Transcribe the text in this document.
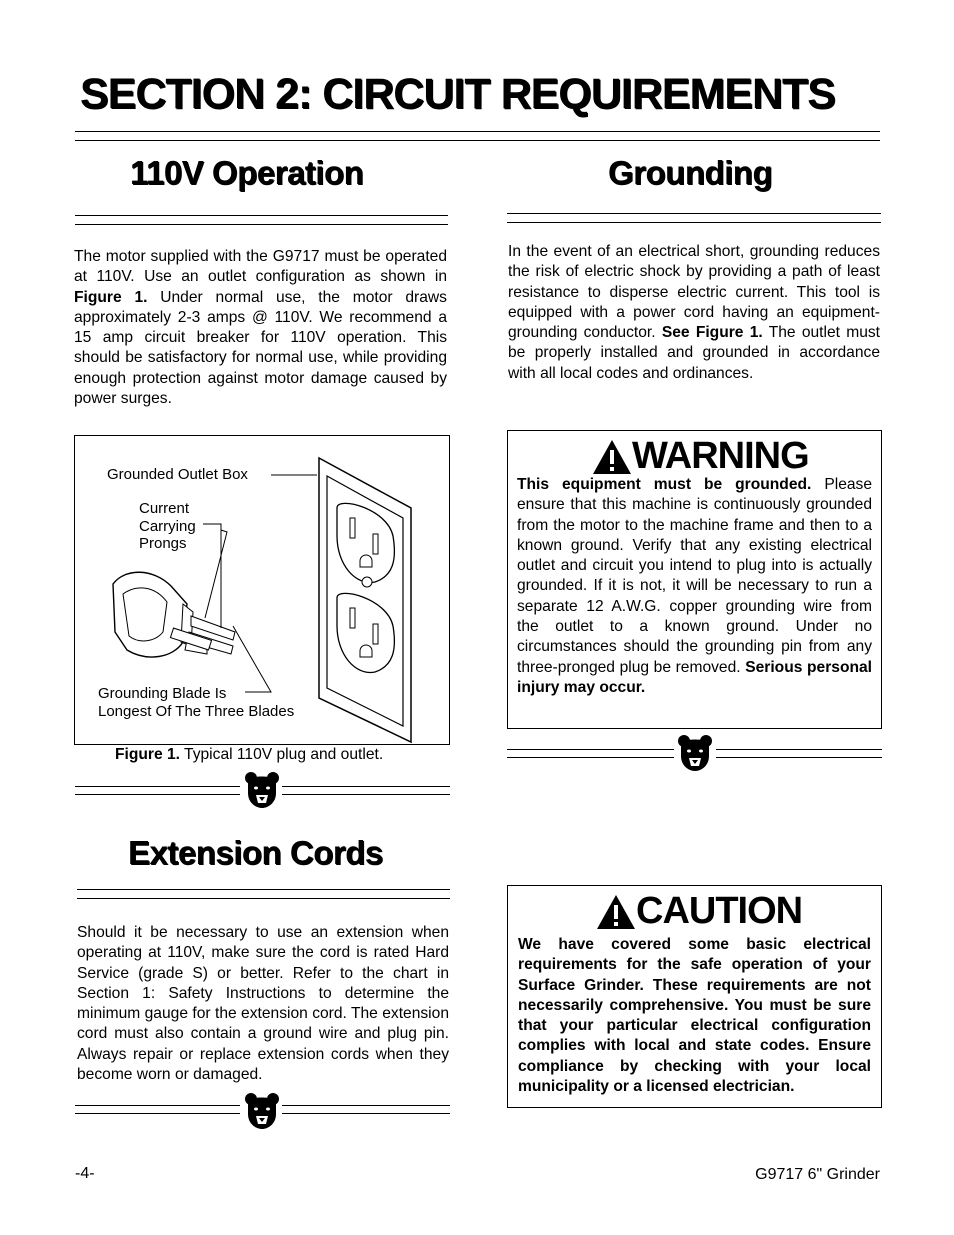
SECTION 2: CIRCUIT REQUIREMENTS
110V Operation
The motor supplied with the G9717 must be operated at 110V. Use an outlet configuration as shown in Figure 1. Under normal use, the motor draws approximately 2-3 amps @ 110V. We recommend a 15 amp circuit breaker for 110V operation. This should be satisfactory for normal use, while providing enough protection against motor damage caused by power surges.
Grounded Outlet Box
Current
Carrying
Prongs
Grounding Blade Is
Longest Of The Three Blades
Figure 1. Typical 110V plug and outlet.
Grounding
In the event of an electrical short, grounding reduces the risk of electric shock by providing a path of least resistance to disperse electric current. This tool is equipped with a power cord having an equipment-grounding conductor. See Figure 1. The outlet must be properly installed and grounded in accordance with all local codes and ordinances.
WARNING
This equipment must be grounded. Please ensure that this machine is continuously grounded from the motor to the machine frame and then to a known ground. Verify that any existing electrical outlet and circuit you intend to plug into is actually grounded. If it is not, it will be necessary to run a separate 12 A.W.G. copper grounding wire from the outlet to a known ground. Under no circumstances should the grounding pin from any three-pronged plug be removed. Serious personal injury may occur.
Extension Cords
Should it be necessary to use an extension when operating at 110V, make sure the cord is rated Hard Service (grade S) or better. Refer to the chart in Section 1: Safety Instructions to determine the minimum gauge for the extension cord. The extension cord must also contain a ground wire and plug pin. Always repair or replace extension cords when they become worn or damaged.
CAUTION
We have covered some basic electrical requirements for the safe operation of your Surface Grinder. These requirements are not necessarily comprehensive. You must be sure that your particular electrical configuration complies with local and state codes. Ensure compliance by checking with your local municipality or a licensed electrician.
-4-	G9717 6" Grinder
